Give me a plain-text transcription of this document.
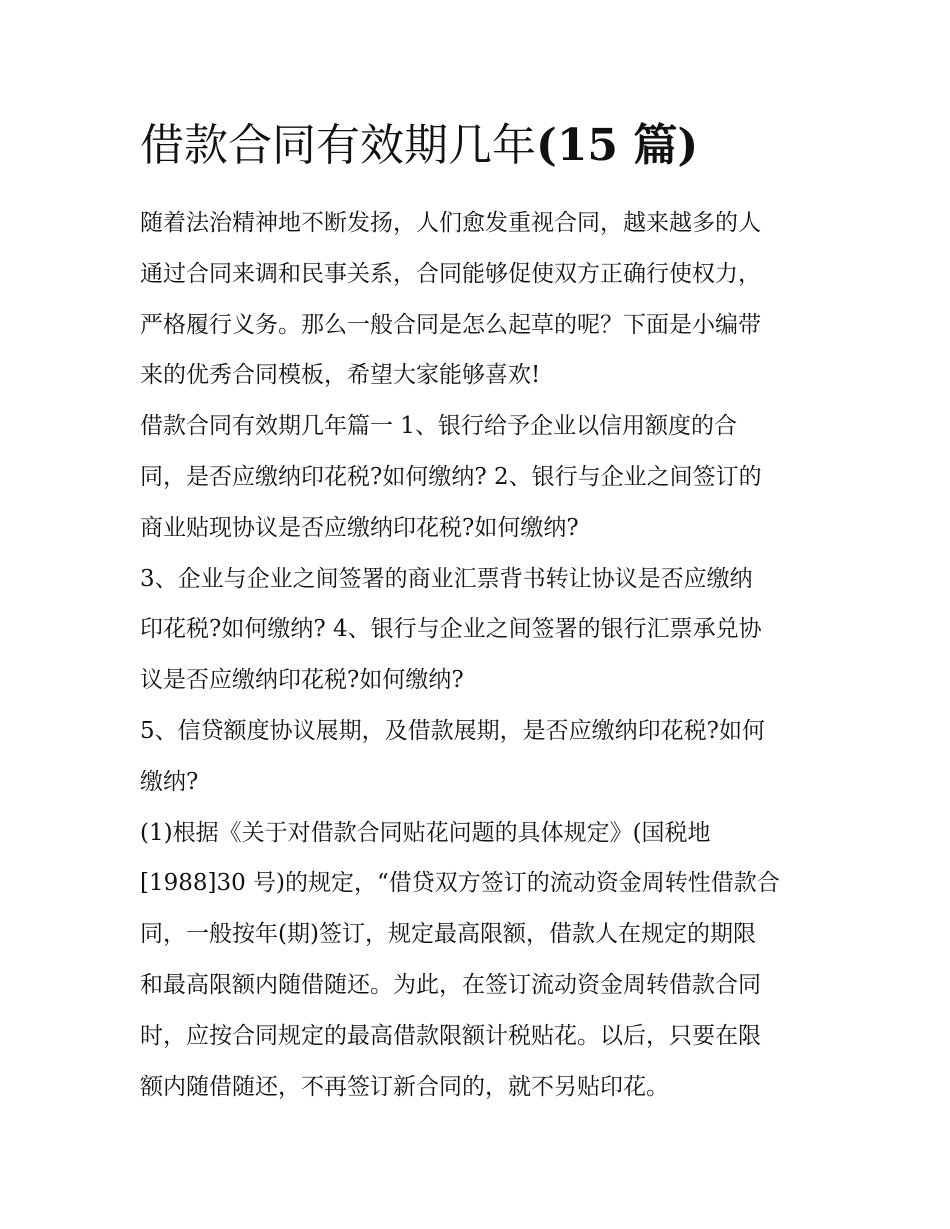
借款合同有效期几年(15 篇)

随着法治精神地不断发扬，人们愈发重视合同，越来越多的人
通过合同来调和民事关系，合同能够促使双方正确行使权力，
严格履行义务。那么一般合同是怎么起草的呢？下面是小编带
来的优秀合同模板，希望大家能够喜欢!

借款合同有效期几年篇一 1、银行给予企业以信用额度的合
同，是否应缴纳印花税?如何缴纳? 2、银行与企业之间签订的
商业贴现协议是否应缴纳印花税?如何缴纳?

3、企业与企业之间签署的商业汇票背书转让协议是否应缴纳
印花税?如何缴纳? 4、银行与企业之间签署的银行汇票承兑协
议是否应缴纳印花税?如何缴纳?

5、信贷额度协议展期，及借款展期，是否应缴纳印花税?如何
缴纳?

(1)根据《关于对借款合同贴花问题的具体规定》(国税地
[1988]30 号)的规定，“借贷双方签订的流动资金周转性借款合
同，一般按年(期)签订，规定最高限额，借款人在规定的期限
和最高限额内随借随还。为此，在签订流动资金周转借款合同
时，应按合同规定的最高借款限额计税贴花。以后，只要在限
额内随借随还，不再签订新合同的，就不另贴印花。
